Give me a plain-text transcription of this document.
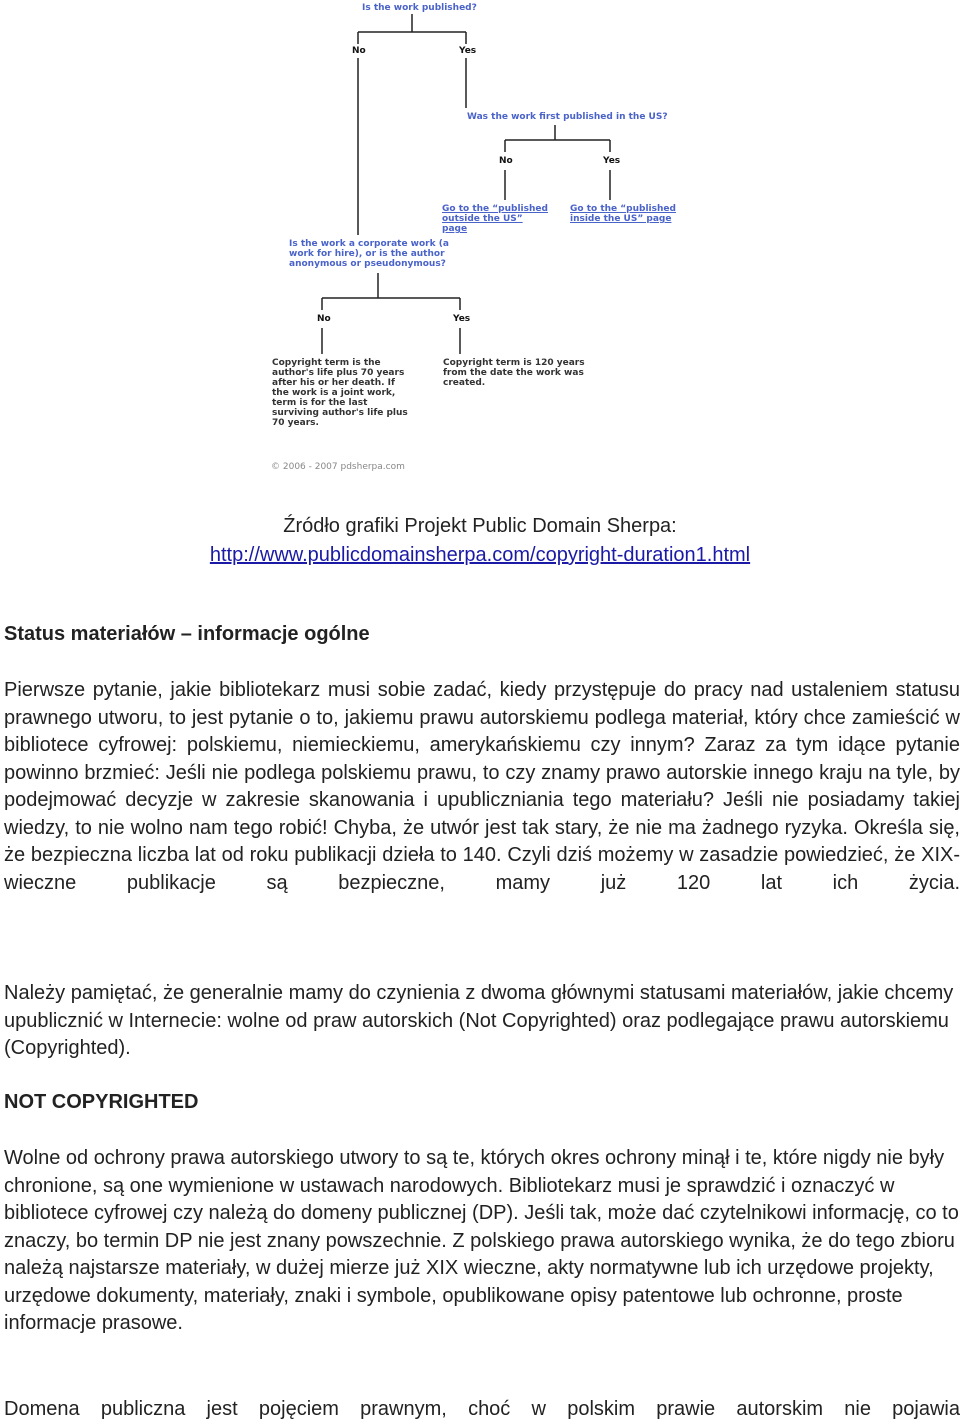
Is the work published?
No	Yes
Was the work first published in the US?
No	Yes
Go to the “published outside the US” page
Go to the “published inside the US” page
Is the work a corporate work (a work for hire), or is the author anonymous or pseudonymous?
No	Yes
Copyright term is the author's life plus 70 years after his or her death. If the work is a joint work, term is for the last surviving author's life plus 70 years.
Copyright term is 120 years from the date the work was created.
© 2006 - 2007 pdsherpa.com
Źródło grafiki Projekt Public Domain Sherpa:
http://www.publicdomainsherpa.com/copyright-duration1.html
Status materiałów – informacje ogólne
Pierwsze pytanie, jakie bibliotekarz musi sobie zadać, kiedy przystępuje do pracy nad ustaleniem statusu prawnego utworu, to jest pytanie o to, jakiemu prawu autorskiemu podlega materiał, który chce zamieścić w bibliotece cyfrowej: polskiemu, niemieckiemu, amerykańskiemu czy innym? Zaraz za tym idące pytanie powinno brzmieć: Jeśli nie podlega polskiemu prawu, to czy znamy prawo autorskie innego kraju na tyle, by podejmować decyzje w zakresie skanowania i upubliczniania tego materiału? Jeśli nie posiadamy takiej wiedzy, to nie wolno nam tego robić! Chyba, że utwór jest tak stary, że nie ma żadnego ryzyka. Określa się, że bezpieczna liczba lat od roku publikacji dzieła to 140. Czyli dziś możemy w zasadzie powiedzieć, że XIX-wieczne publikacje są bezpieczne, mamy już 120 lat ich życia.
Należy pamiętać, że generalnie mamy do czynienia z dwoma głównymi statusami materiałów, jakie chcemy upublicznić w Internecie: wolne od praw autorskich (Not Copyrighted) oraz podlegające prawu autorskiemu (Copyrighted).
NOT COPYRIGHTED
Wolne od ochrony prawa autorskiego utwory to są te, których okres ochrony minął i te, które nigdy nie były chronione, są one wymienione w ustawach narodowych. Bibliotekarz musi je sprawdzić i oznaczyć w bibliotece cyfrowej czy należą do domeny publicznej (DP). Jeśli tak, może dać czytelnikowi informację, co to znaczy, bo termin DP nie jest znany powszechnie. Z polskiego prawa autorskiego wynika, że do tego zbioru należą najstarsze materiały, w dużej mierze już XIX wieczne, akty normatywne lub ich urzędowe projekty, urzędowe dokumenty, materiały, znaki i symbole, opublikowane opisy patentowe lub ochronne, proste informacje prasowe.
Domena publiczna jest pojęciem prawnym, choć w polskim prawie autorskim nie pojawia
